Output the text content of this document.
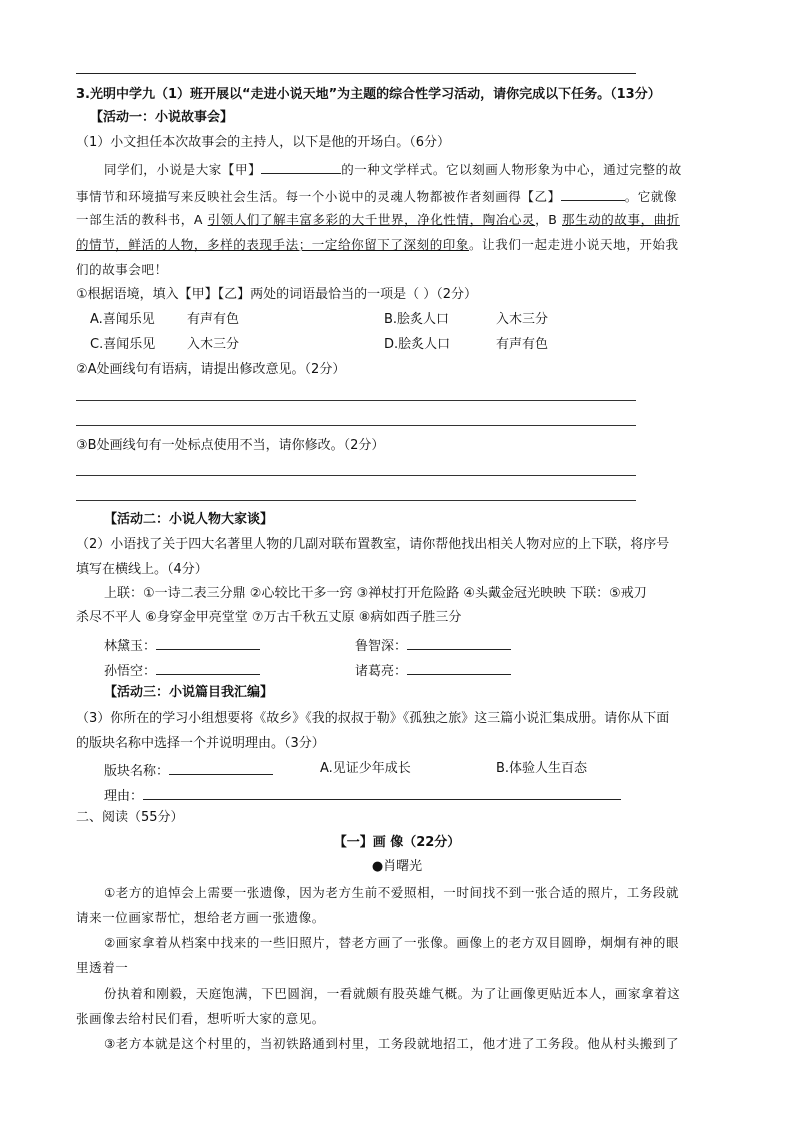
3.光明中学九（1）班开展以“走进小说天地”为主题的综合性学习活动，请你完成以下任务。（13分）
【活动一：小说故事会】
（1）小文担任本次故事会的主持人，以下是他的开场白。（6分）
同学们，小说是大家【甲】	的一种文学样式。它以刻画人物形象为中心，通过完整的故
事情节和环境描写来反映社会生活。每一个小说中的灵魂人物都被作者刻画得【乙】	。它就像
一部生活的教科书，A 引领人们了解丰富多彩的大千世界，净化性情，陶冶心灵，B 那生动的故事，曲折
的情节，鲜活的人物，多样的表现手法；一定给你留下了深刻的印象。让我们一起走进小说天地，开始我
们的故事会吧！
①根据语境，填入【甲】【乙】两处的词语最恰当的一项是（ ）（2分）
A.喜闻乐见 有声有色	B.脍炙人口	入木三分
C.喜闻乐见 入木三分	D.脍炙人口	有声有色
②A处画线句有语病，请提出修改意见。（2分）
③B处画线句有一处标点使用不当，请你修改。（2分）
【活动二：小说人物大家谈】
（2）小语找了关于四大名著里人物的几副对联布置教室，请你帮他找出相关人物对应的上下联，将序号
填写在横线上。（4分）
上联：①一诗二表三分鼎 ②心较比干多一窍 ③禅杖打开危险路 ④头戴金冠光映映 下联：⑤戒刀
杀尽不平人 ⑥身穿金甲亮堂堂 ⑦万古千秋五丈原 ⑧病如西子胜三分
林黛玉：	鲁智深：
孙悟空：	诸葛亮：
【活动三：小说篇目我汇编】
（3）你所在的学习小组想要将《故乡》《我的叔叔于勒》《孤独之旅》这三篇小说汇集成册。请你从下面
的版块名称中选择一个并说明理由。（3分）
版块名称：	A.见证少年成长	B.体验人生百态
理由：
二、阅读（55分）
【一】画 像（22分）
●肖曙光
①老方的追悼会上需要一张遗像，因为老方生前不爱照相，一时间找不到一张合适的照片，工务段就
请来一位画家帮忙，想给老方画一张遗像。
②画家拿着从档案中找来的一些旧照片，替老方画了一张像。画像上的老方双目圆睁，炯炯有神的眼
里透着一
份执着和刚毅，天庭饱满，下巴圆润，一看就颇有股英雄气概。为了让画像更贴近本人，画家拿着这
张画像去给村民们看，想听听大家的意见。
③老方本就是这个村里的，当初铁路通到村里，工务段就地招工，他才进了工务段。他从村头搬到了
